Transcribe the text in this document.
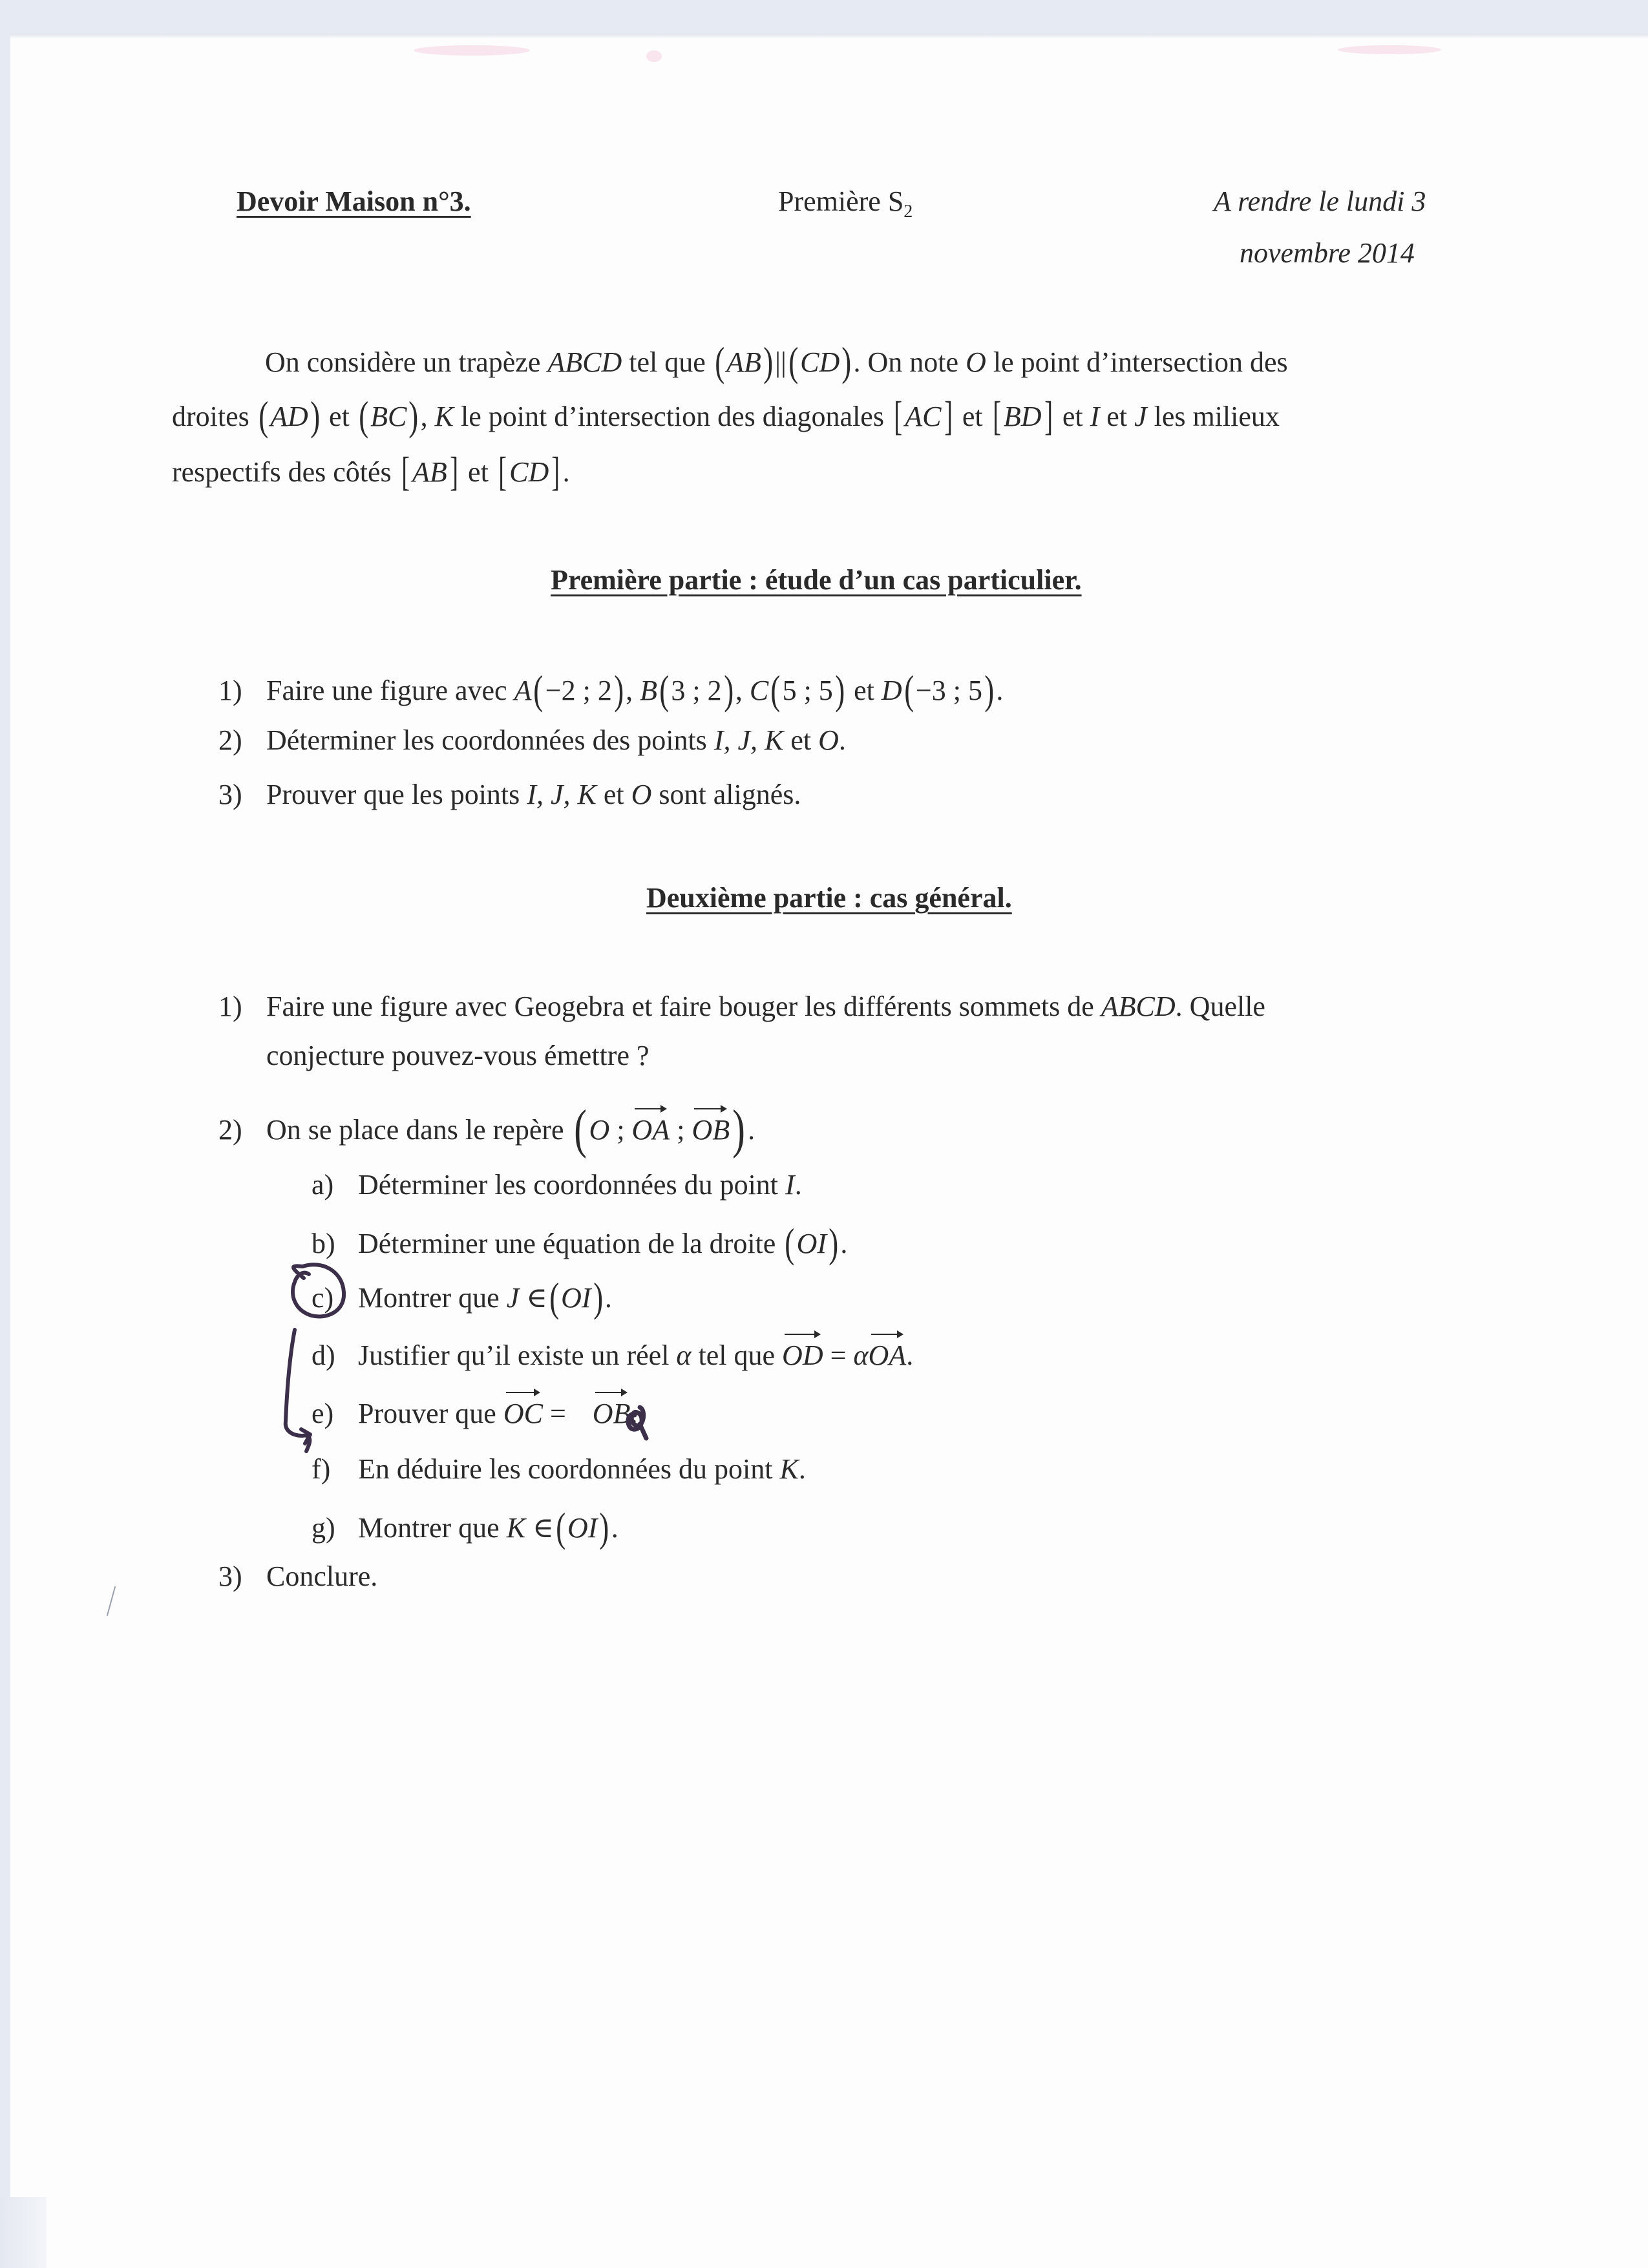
Devoir Maison n°3.	Première $S_2$	A rendre le lundi 3
novembre 2014
On considère un trapèze ABCD tel que (AB)||(CD). On note O le point d’intersection des
droites (AD) et (BC), K le point d’intersection des diagonales [AC] et [BD] et I et J les milieux
respectifs des côtés [AB] et [CD].
Première partie : étude d’un cas particulier.
1) Faire une figure avec A(−2 ; 2), B(3 ; 2), C(5 ; 5) et D(−3 ; 5).
2) Déterminer les coordonnées des points I, J, K et O.
3) Prouver que les points I, J, K et O sont alignés.
Deuxième partie : cas général.
1) Faire une figure avec Geogebra et faire bouger les différents sommets de ABCD. Quelle
conjecture pouvez-vous émettre ?
2) On se place dans le repère (O ; OA ; OB).
a) Déterminer les coordonnées du point I.
b) Déterminer une équation de la droite (OI).
c) Montrer que J ∈(OI).
d) Justifier qu’il existe un réel α tel que OD = αOA.
e) Prouver que OC = OB.
f) En déduire les coordonnées du point K.
g) Montrer que K ∈(OI).
3) Conclure.
